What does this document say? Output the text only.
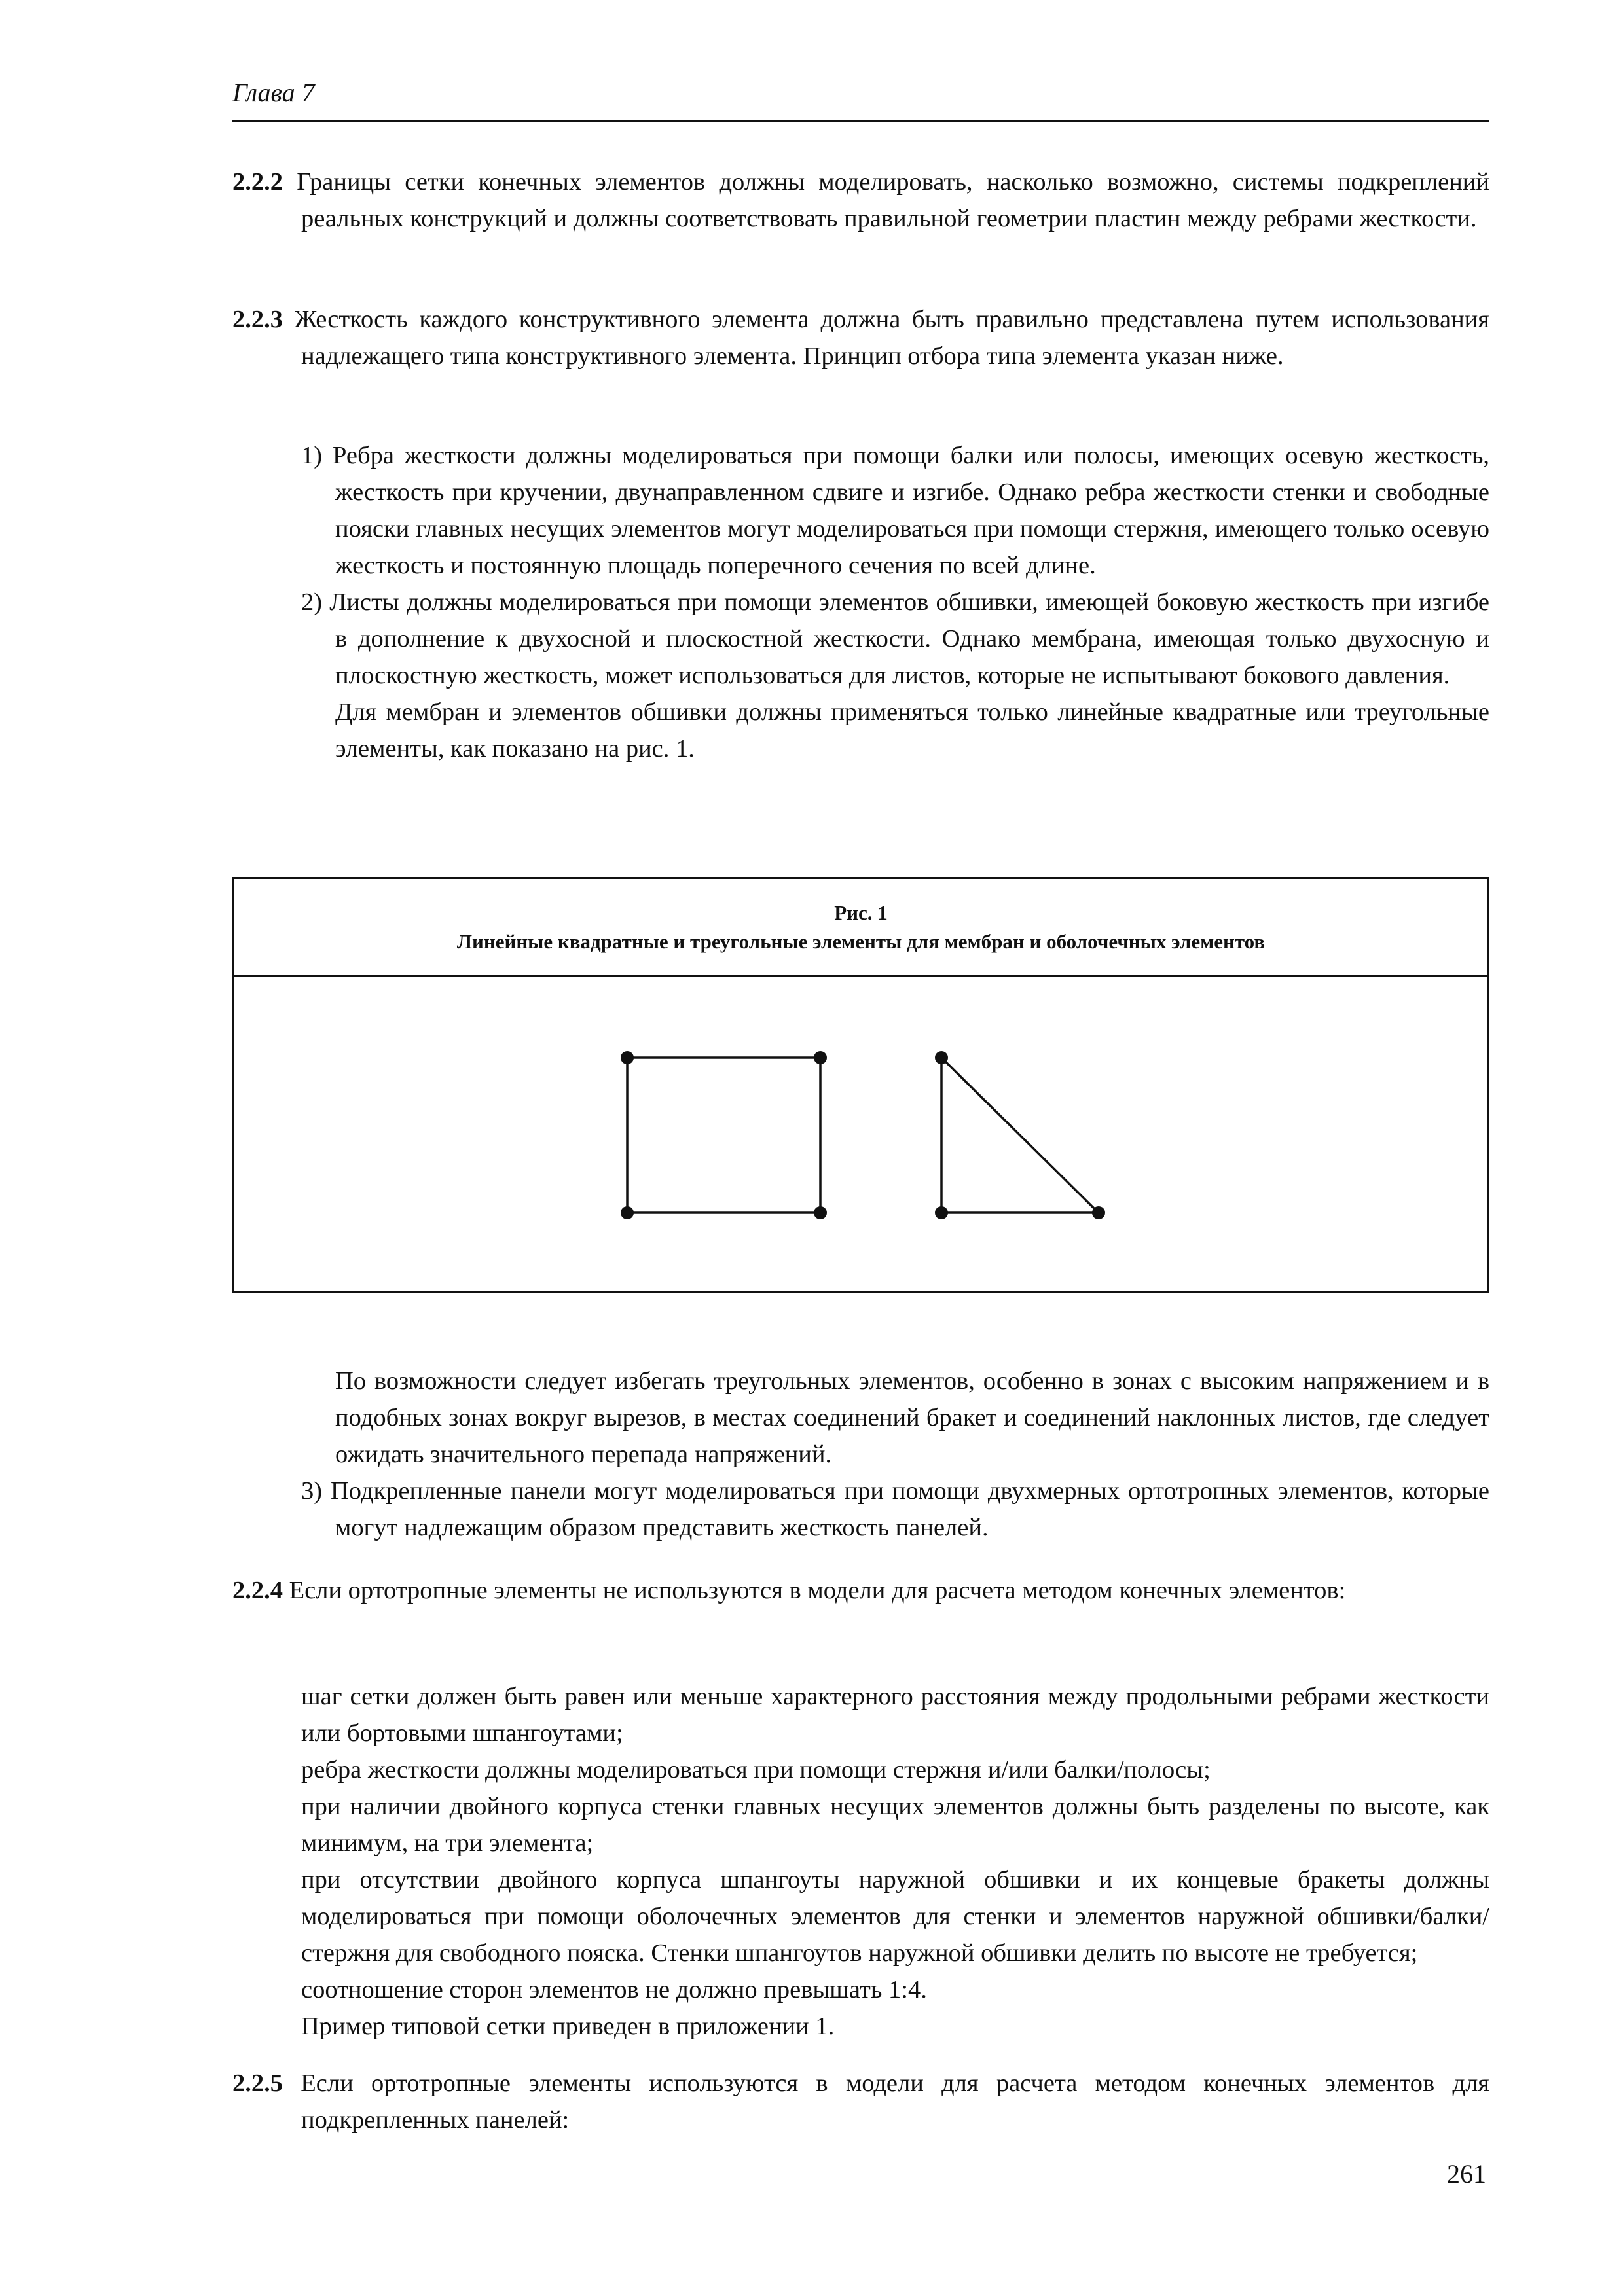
Глава 7

2.2.2 Границы сетки конечных элементов должны моделировать, насколько возможно, системы подкреплений реальных конструкций и должны соответствовать правильной геометрии пластин между ребрами жесткости.

2.2.3 Жесткость каждого конструктивного элемента должна быть правильно представлена путем использования надлежащего типа конструктивного элемента. Принцип отбора типа элемента указан ниже.

1) Ребра жесткости должны моделироваться при помощи балки или полосы, имеющих осевую жесткость, жесткость при кручении, двунаправленном сдвиге и изгибе. Однако ребра жесткости стенки и свободные пояски главных несущих элементов могут моделироваться при помощи стержня, имеющего только осевую жесткость и постоянную площадь поперечного сечения по всей длине.

2) Листы должны моделироваться при помощи элементов обшивки, имеющей боковую жесткость при изгибе в дополнение к двухосной и плоскостной жесткости. Однако мембрана, имеющая только двухосную и плоскостную жесткость, может использоваться для листов, которые не испытывают бокового давления.

Для мембран и элементов обшивки должны применяться только линейные квадратные или треугольные элементы, как показано на рис. 1.

Рис. 1
Линейные квадратные и треугольные элементы для мембран и оболочечных элементов

По возможности следует избегать треугольных элементов, особенно в зонах с высоким напряжением и в подобных зонах вокруг вырезов, в местах соединений бракет и соединений наклонных листов, где следует ожидать значительного перепада напряжений.

3) Подкрепленные панели могут моделироваться при помощи двухмерных ортотропных элементов, которые могут надлежащим образом представить жесткость панелей.

2.2.4 Если ортотропные элементы не используются в модели для расчета методом конечных элементов:

шаг сетки должен быть равен или меньше характерного расстояния между продольными ребрами жесткости или бортовыми шпангоутами;

ребра жесткости должны моделироваться при помощи стержня и/или балки/полосы;

при наличии двойного корпуса стенки главных несущих элементов должны быть разделены по высоте, как минимум, на три элемента;

при отсутствии двойного корпуса шпангоуты наружной обшивки и их концевые бракеты должны моделироваться при помощи оболочечных элементов для стенки и элементов наружной обшивки/балки/стержня для свободного пояска. Стенки шпангоутов наружной обшивки делить по высоте не требуется;

соотношение сторон элементов не должно превышать 1:4.

Пример типовой сетки приведен в приложении 1.

2.2.5 Если ортотропные элементы используются в модели для расчета методом конечных элементов для подкрепленных панелей:

261
